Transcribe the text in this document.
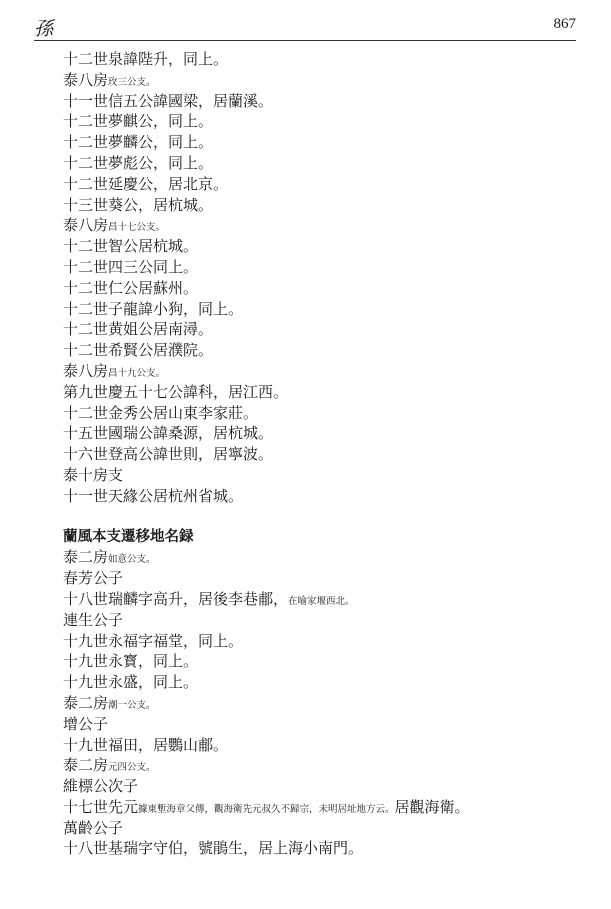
孫	867
十二世泉諱陛升，同上。
泰八房玫三公支。
十一世信五公諱國梁，居蘭溪。
十二世夢麒公，同上。
十二世夢麟公，同上。
十二世夢彪公，同上。
十二世延慶公，居北京。
十三世葵公，居杭城。
泰八房昌十七公支。
十二世智公居杭城。
十二世四三公同上。
十二世仁公居蘇州。
十二世子龍諱小狗，同上。
十二世黄姐公居南潯。
十二世希賢公居濮院。
泰八房昌十九公支。
第九世慶五十七公諱科，居江西。
十二世金秀公居山東李家莊。
十五世國瑞公諱桑源，居杭城。
十六世登高公諱世則，居寧波。
泰十房支
十一世天緣公居杭州省城。
蘭風本支遷移地名録
泰二房如意公支。
春芳公子
十八世瑞麟字高升，居後李巷郙，在喻家堰西北。
連生公子
十九世永福字福堂，同上。
十九世永寳，同上。
十九世永盛，同上。
泰二房潮一公支。
增公子
十九世福田，居鸚山郙。
泰二房元四公支。
維標公次子
十七世先元據東塹海章父傳，觀海衛先元叔久不歸宗，未明居址地方云。居觀海衛。
萬齡公子
十八世基瑞字守伯，號鵑生，居上海小南門。
